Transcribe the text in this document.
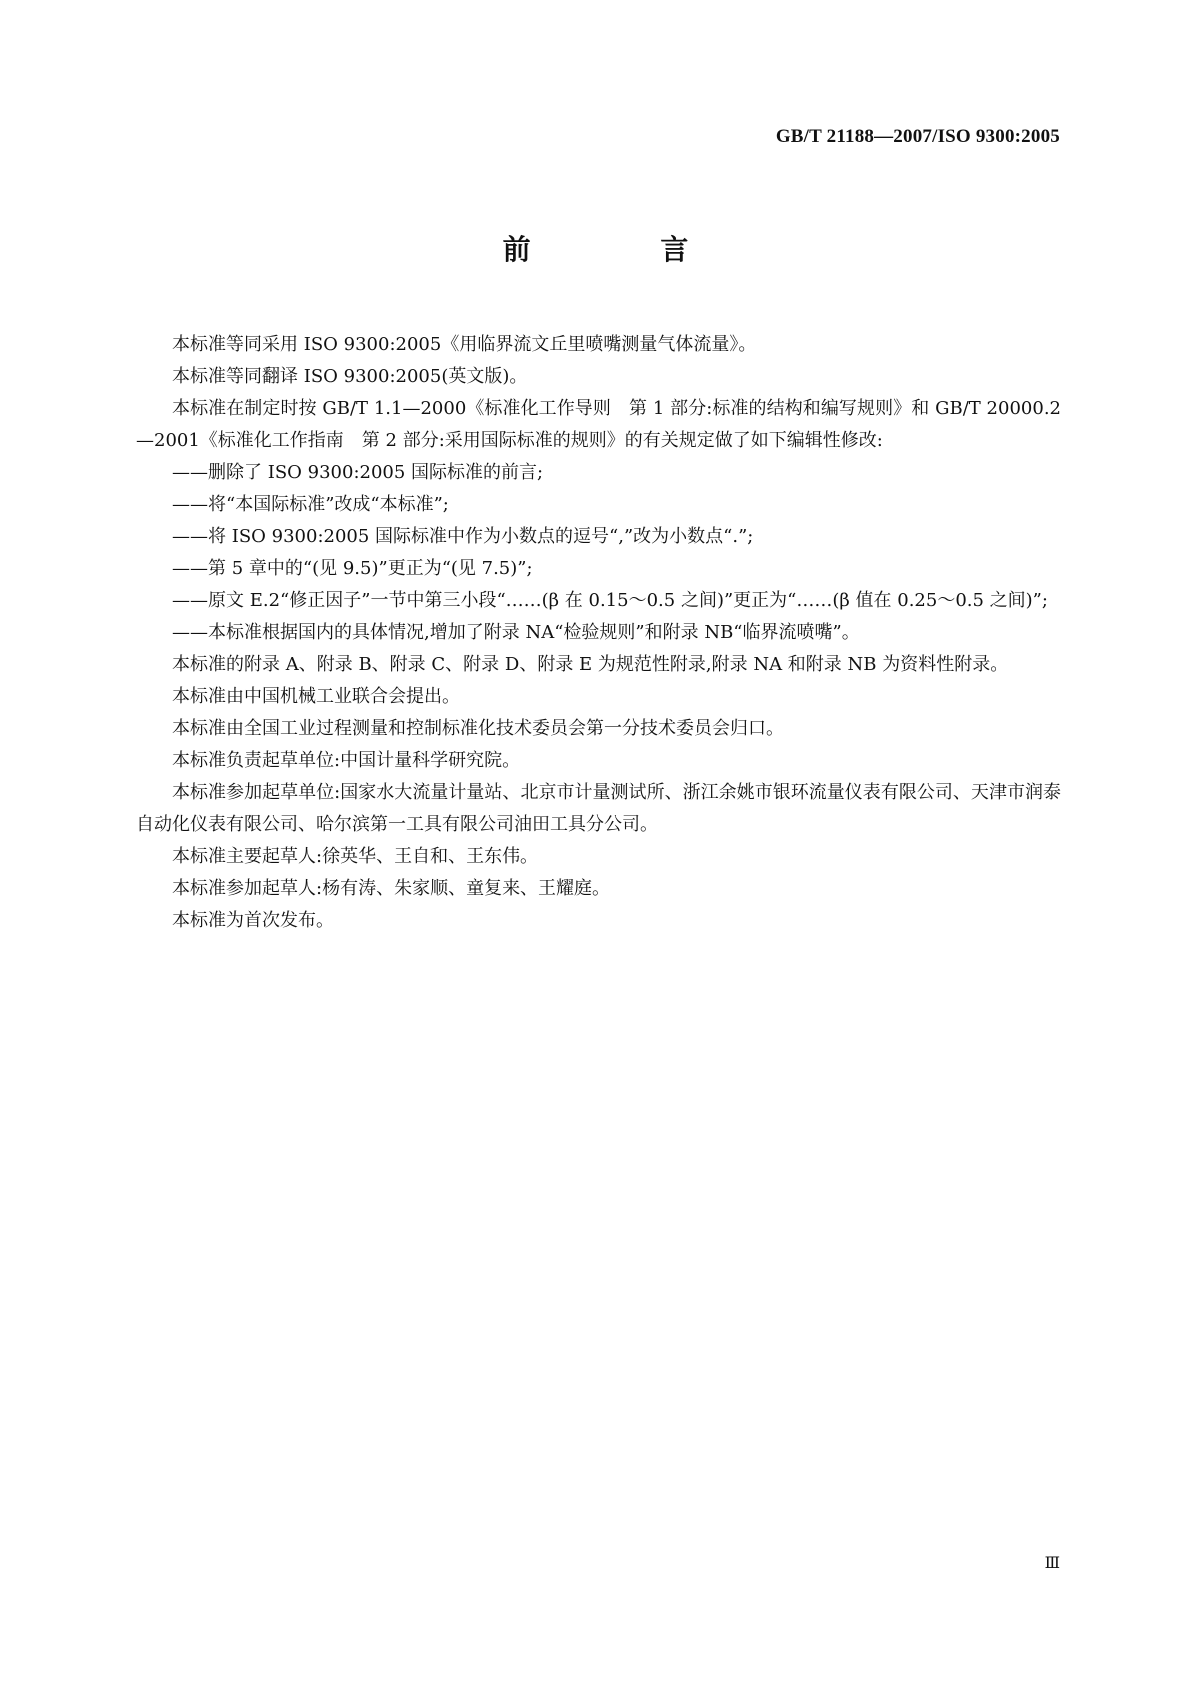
GB/T 21188—2007/ISO 9300:2005
前 言

本标准等同采用 ISO 9300:2005《用临界流文丘里喷嘴测量气体流量》。

本标准等同翻译 ISO 9300:2005(英文版)。

本标准在制定时按 GB/T 1.1—2000《标准化工作导则　第 1 部分:标准的结构和编写规则》和 GB/T 20000.2—2001《标准化工作指南　第 2 部分:采用国际标准的规则》的有关规定做了如下编辑性修改:

——删除了 ISO 9300:2005 国际标准的前言;

——将“本国际标准”改成“本标准”;

——将 ISO 9300:2005 国际标准中作为小数点的逗号“,”改为小数点“.”;

——第 5 章中的“(见 9.5)”更正为“(见 7.5)”;

——原文 E.2“修正因子”一节中第三小段“……(β 在 0.15～0.5 之间)”更正为“……(β 值在 0.25～0.5 之间)”;

——本标准根据国内的具体情况,增加了附录 NA“检验规则”和附录 NB“临界流喷嘴”。

本标准的附录 A、附录 B、附录 C、附录 D、附录 E 为规范性附录,附录 NA 和附录 NB 为资料性附录。

本标准由中国机械工业联合会提出。

本标准由全国工业过程测量和控制标准化技术委员会第一分技术委员会归口。

本标准负责起草单位:中国计量科学研究院。

本标准参加起草单位:国家水大流量计量站、北京市计量测试所、浙江余姚市银环流量仪表有限公司、天津市润泰自动化仪表有限公司、哈尔滨第一工具有限公司油田工具分公司。

本标准主要起草人:徐英华、王自和、王东伟。

本标准参加起草人:杨有涛、朱家顺、童复来、王耀庭。

本标准为首次发布。

Ⅲ
